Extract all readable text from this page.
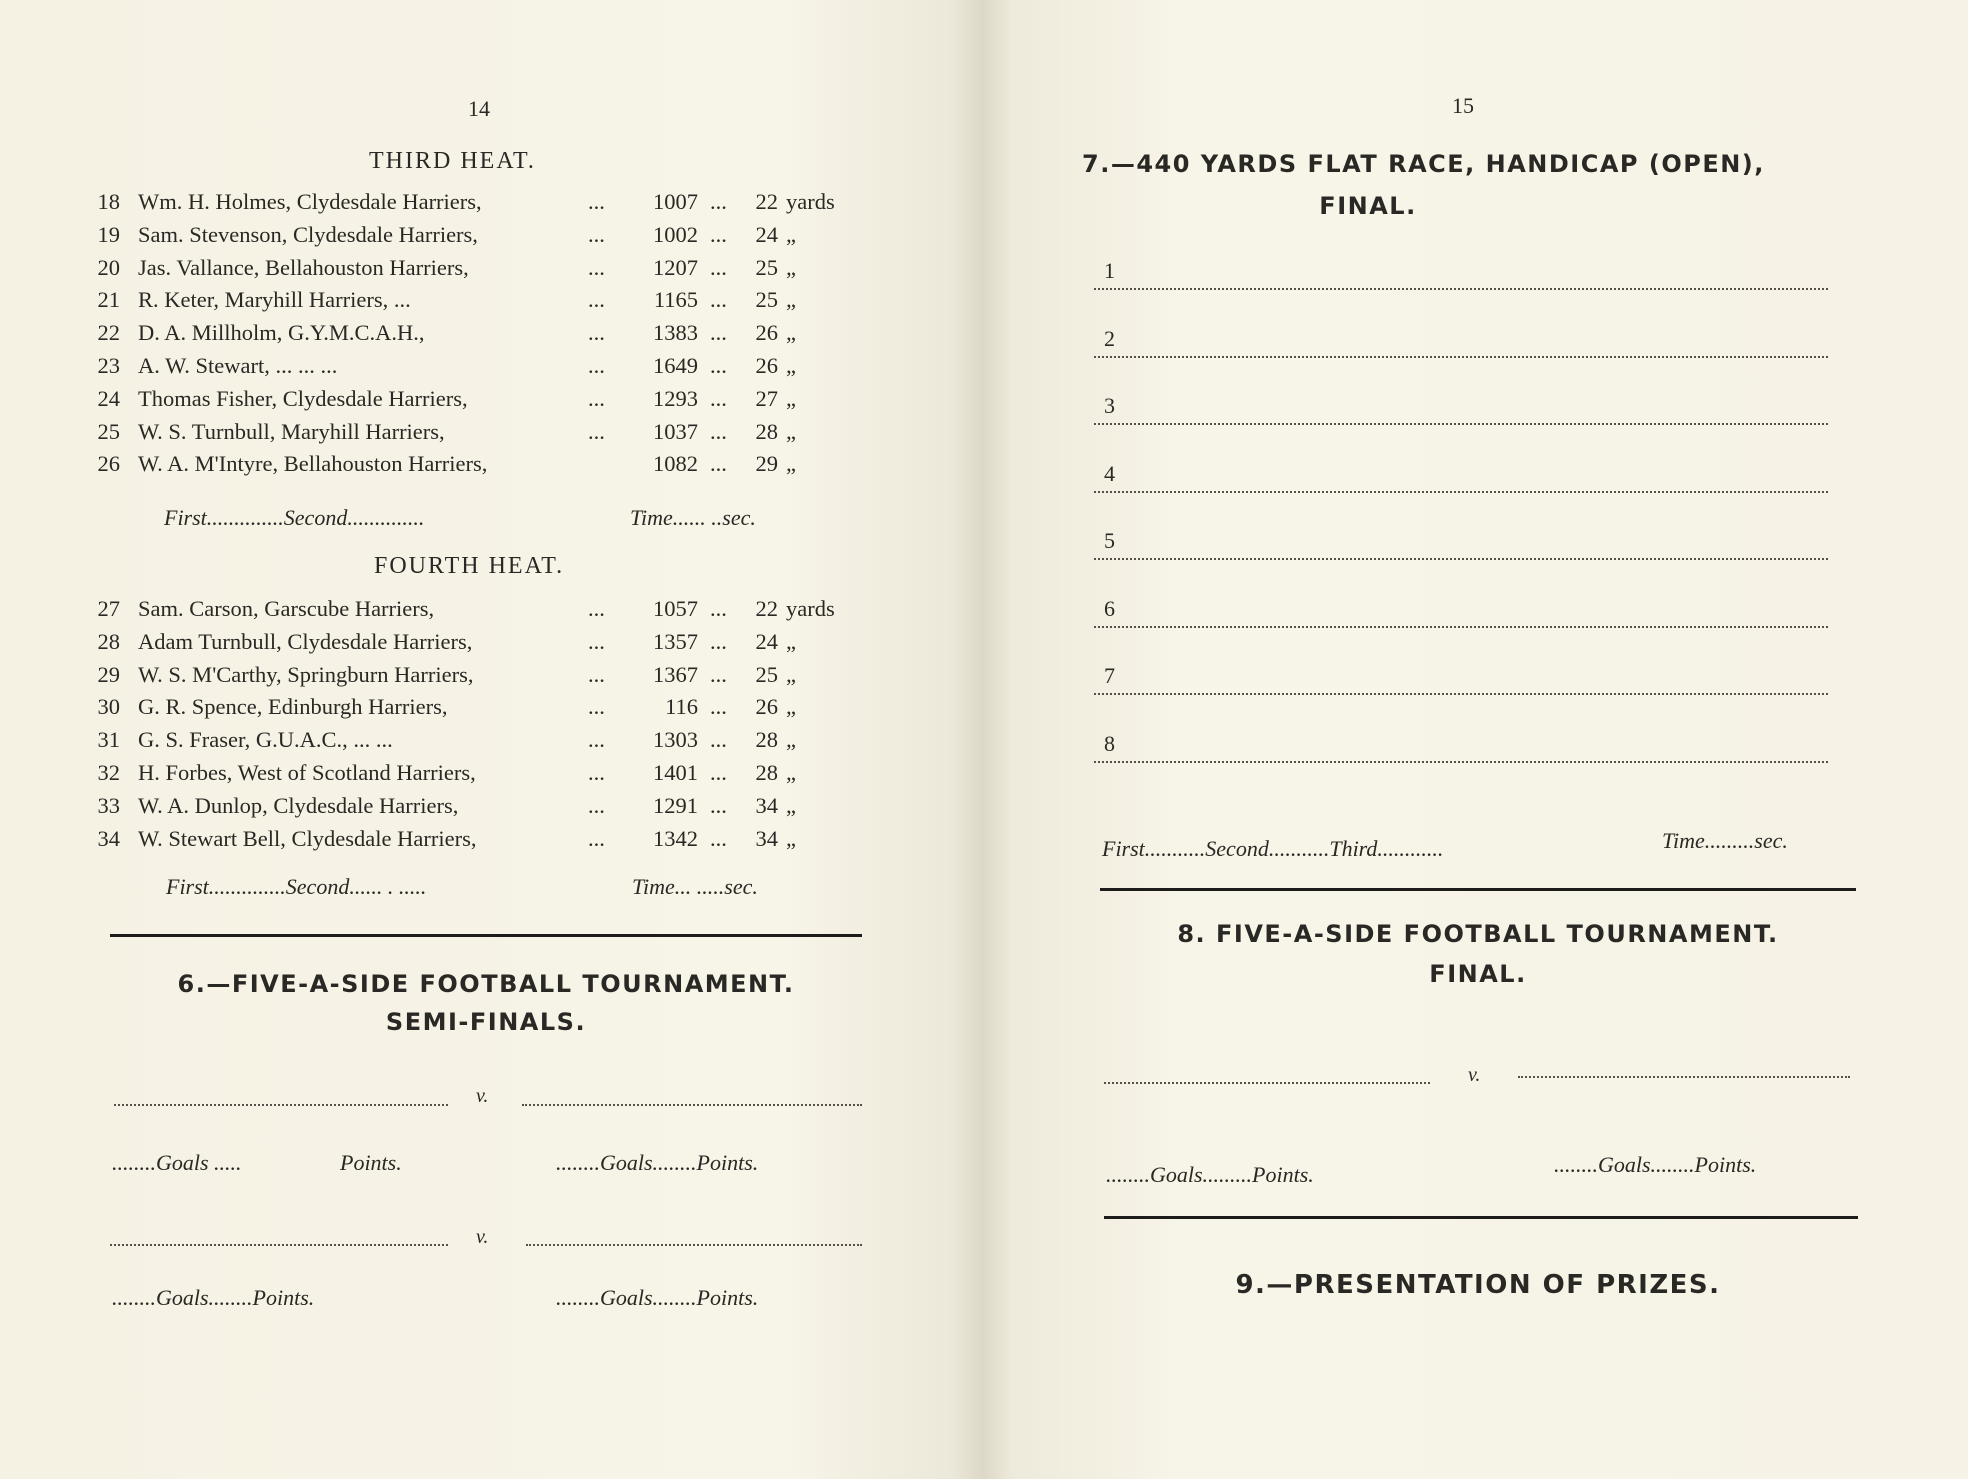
14
THIRD HEAT.
18 Wm. H. Holmes, Clydesdale Harriers,	...	1007 ...	22 yards
19 Sam. Stevenson, Clydesdale Harriers,	...	1002 ...	24 „
20 Jas. Vallance, Bellahouston Harriers,	...	1207 ...	25 „
21 R. Keter, Maryhill Harriers, ...	...	1165 ...	25 „
22 D. A. Millholm, G.Y.M.C.A.H.,	...	1383 ...	26 „
23 A. W. Stewart, ... ... ...	...	1649 ...	26 „
24 Thomas Fisher, Clydesdale Harriers,	...	1293 ...	27 „
25 W. S. Turnbull, Maryhill Harriers,	...	1037 ...	28 „
26 W. A. M'Intyre, Bellahouston Harriers,	1082 ...	29 „
First..............Second..............	Time...... ..sec.
FOURTH HEAT.
27 Sam. Carson, Garscube Harriers,	...	1057 ...	22 yards
28 Adam Turnbull, Clydesdale Harriers,	...	1357 ...	24 „
29 W. S. M'Carthy, Springburn Harriers,	...	1367 ...	25 „
30 G. R. Spence, Edinburgh Harriers,	...	116 ...	26 „
31 G. S. Fraser, G.U.A.C., ... ...	...	1303 ...	28 „
32 H. Forbes, West of Scotland Harriers,	...	1401 ...	28 „
33 W. A. Dunlop, Clydesdale Harriers,	...	1291 ...	34 „
34 W. Stewart Bell, Clydesdale Harriers,	...	1342 ...	34 „
First..............Second...... . .....	Time... .....sec.
6.—FIVE-A-SIDE FOOTBALL TOURNAMENT.
SEMI-FINALS.
v.
........Goals .....	Points.	........Goals........Points.
v.
........Goals........Points.	........Goals........Points.
15
7.—440 YARDS FLAT RACE, HANDICAP (OPEN),
FINAL.
1
2
3
4
5
6
7
8
First...........Second...........Third............	Time.........sec.
8. FIVE-A-SIDE FOOTBALL TOURNAMENT.
FINAL.
v.
........Goals.........Points.	........Goals........Points.
9.—PRESENTATION OF PRIZES.
